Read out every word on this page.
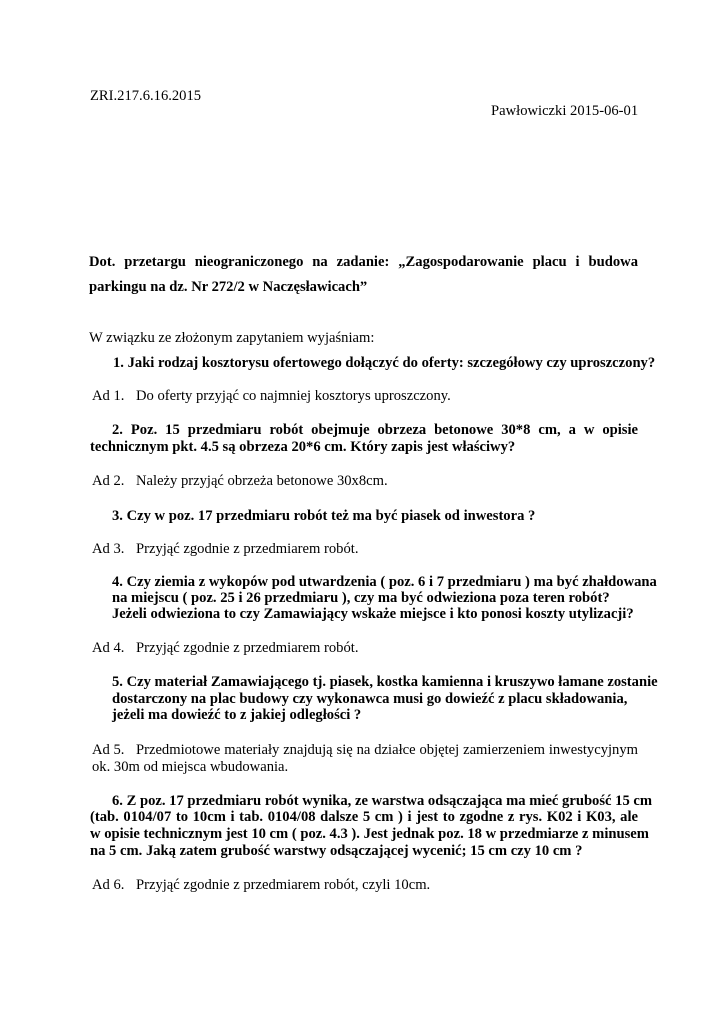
ZRI.217.6.16.2015
Pawłowiczki 2015-06-01
Dot. przetargu nieograniczonego na zadanie: „Zagospodarowanie placu i budowa
parkingu na dz. Nr 272/2 w Naczęsławicach”
W związku ze złożonym zapytaniem wyjaśniam:
1. Jaki rodzaj kosztorysu ofertowego dołączyć do oferty: szczegółowy czy uproszczony?
Ad 1. Do oferty przyjąć co najmniej kosztorys uproszczony.
2. Poz. 15 przedmiaru robót obejmuje obrzeza betonowe 30*8 cm, a w opisie
technicznym pkt. 4.5 są obrzeza 20*6 cm. Który zapis jest właściwy?
Ad 2. Należy przyjąć obrzeża betonowe 30x8cm.
3. Czy w poz. 17 przedmiaru robót też ma być piasek od inwestora ?
Ad 3. Przyjąć zgodnie z przedmiarem robót.
4. Czy ziemia z wykopów pod utwardzenia ( poz. 6 i 7 przedmiaru ) ma być zhałdowana
na miejscu ( poz. 25 i 26 przedmiaru ), czy ma być odwieziona poza teren robót?
Jeżeli odwieziona to czy Zamawiający wskaże miejsce i kto ponosi koszty utylizacji?
Ad 4. Przyjąć zgodnie z przedmiarem robót.
5. Czy materiał Zamawiającego tj. piasek, kostka kamienna i kruszywo łamane zostanie
dostarczony na plac budowy czy wykonawca musi go dowieźć z placu składowania,
jeżeli ma dowieźć to z jakiej odległości ?
Ad 5. Przedmiotowe materiały znajdują się na działce objętej zamierzeniem inwestycyjnym
ok. 30m od miejsca wbudowania.
6. Z poz. 17 przedmiaru robót wynika, ze warstwa odsączająca ma mieć grubość 15 cm
(tab. 0104/07 to 10cm i tab. 0104/08 dalsze 5 cm ) i jest to zgodne z rys. K02 i K03, ale
w opisie technicznym jest 10 cm ( poz. 4.3 ). Jest jednak poz. 18 w przedmiarze z minusem
na 5 cm. Jaką zatem grubość warstwy odsączającej wycenić; 15 cm czy 10 cm ?
Ad 6. Przyjąć zgodnie z przedmiarem robót, czyli 10cm.
